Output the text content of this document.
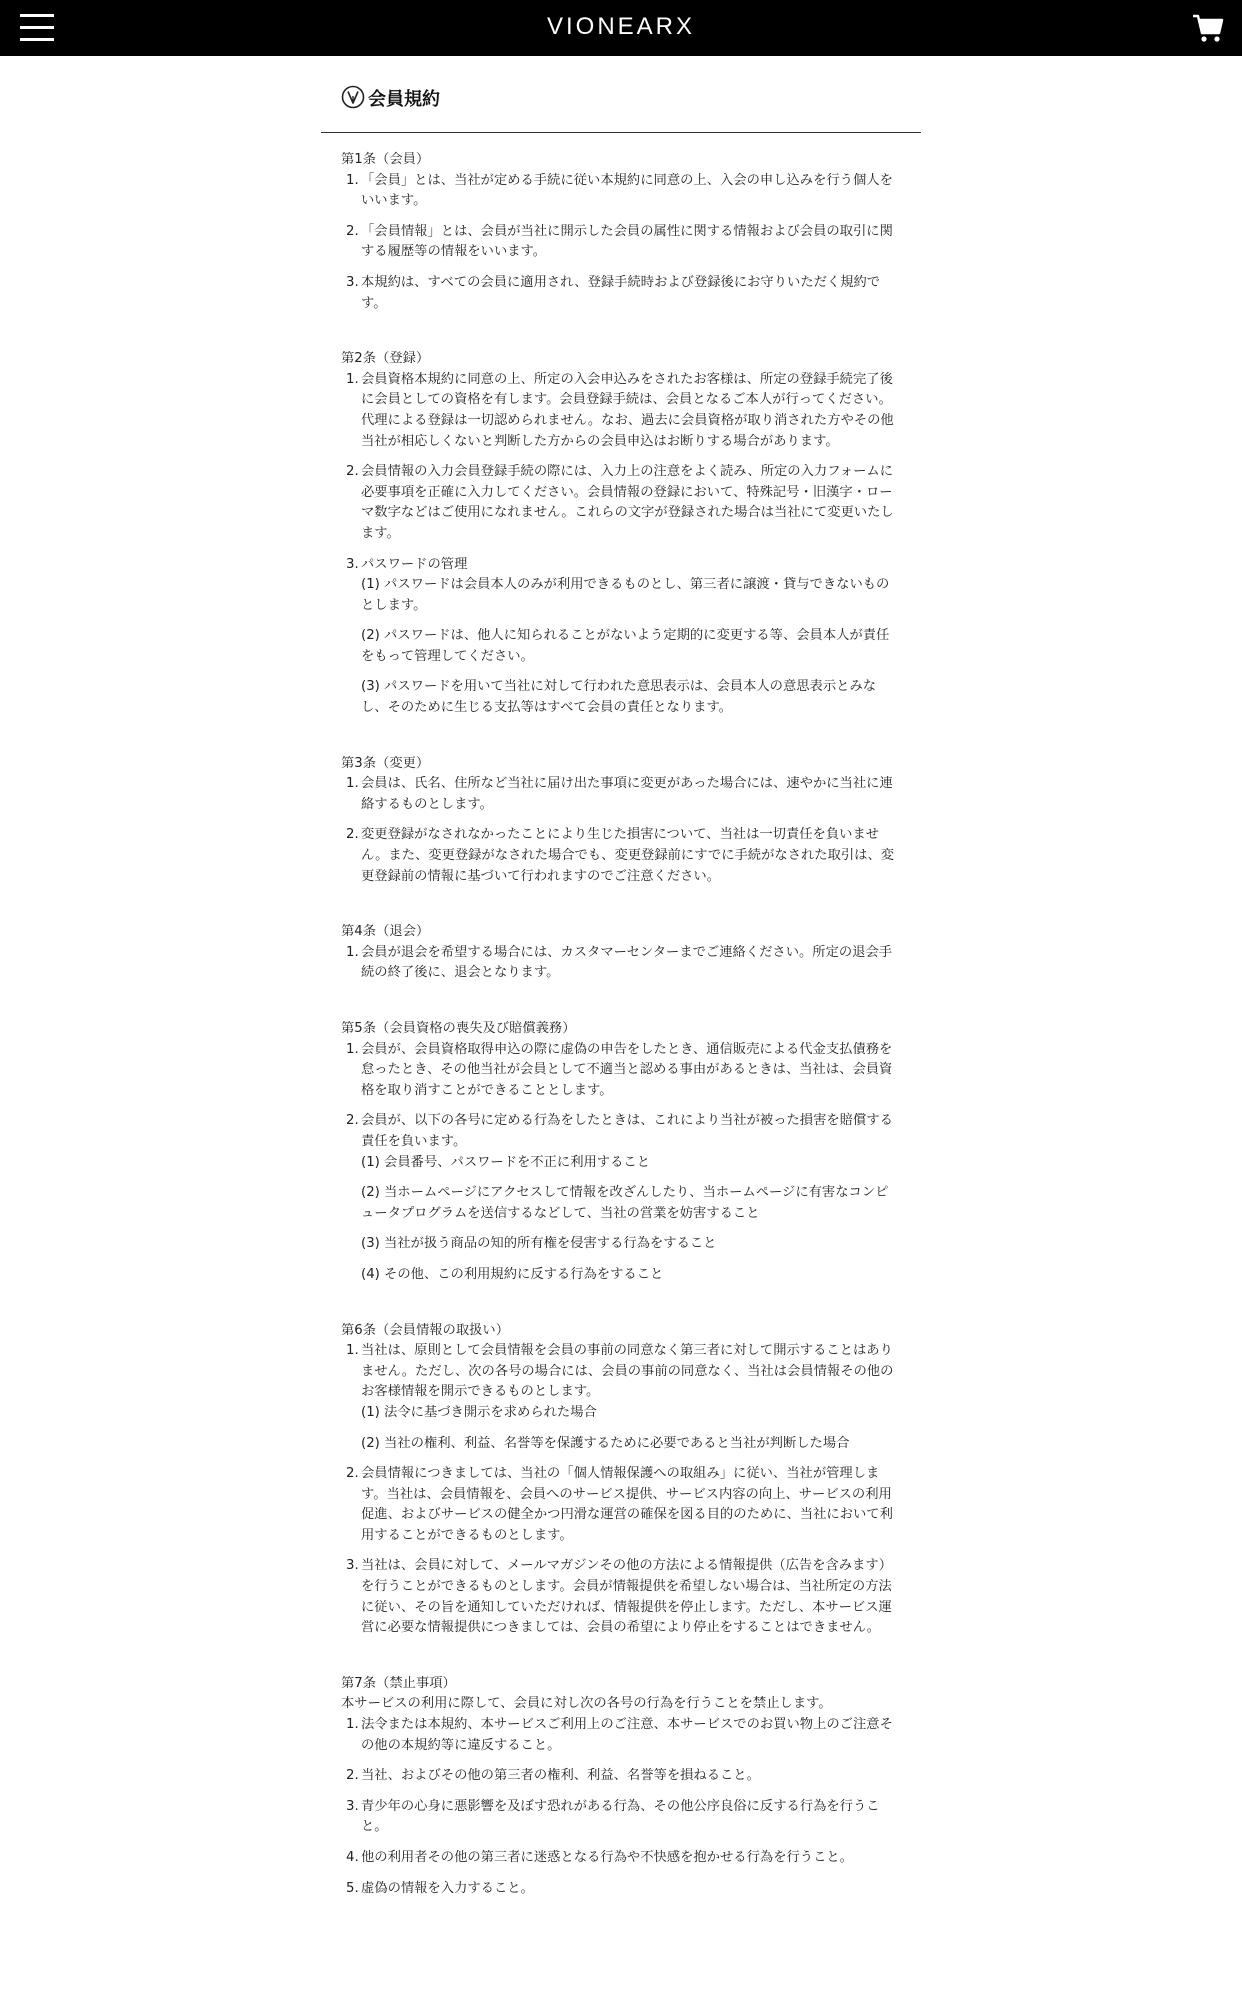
VIONEARX
会員規約
第1条（会員）
1. 「会員」とは、当社が定める手続に従い本規約に同意の上、入会の申し込みを行う個人をいいます。
2. 「会員情報」とは、会員が当社に開示した会員の属性に関する情報および会員の取引に関する履歴等の情報をいいます。
3. 本規約は、すべての会員に適用され、登録手続時および登録後にお守りいただく規約です。
第2条（登録）
1. 会員資格本規約に同意の上、所定の入会申込みをされたお客様は、所定の登録手続完了後に会員としての資格を有します。会員登録手続は、会員となるご本人が行ってください。代理による登録は一切認められません。なお、過去に会員資格が取り消された方やその他当社が相応しくないと判断した方からの会員申込はお断りする場合があります。
2. 会員情報の入力会員登録手続の際には、入力上の注意をよく読み、所定の入力フォームに必要事項を正確に入力してください。会員情報の登録において、特殊記号・旧漢字・ローマ数字などはご使用になれません。これらの文字が登録された場合は当社にて変更いたします。
3. パスワードの管理
(1) パスワードは会員本人のみが利用できるものとし、第三者に譲渡・貸与できないものとします。
(2) パスワードは、他人に知られることがないよう定期的に変更する等、会員本人が責任をもって管理してください。
(3) パスワードを用いて当社に対して行われた意思表示は、会員本人の意思表示とみなし、そのために生じる支払等はすべて会員の責任となります。
第3条（変更）
1. 会員は、氏名、住所など当社に届け出た事項に変更があった場合には、速やかに当社に連絡するものとします。
2. 変更登録がなされなかったことにより生じた損害について、当社は一切責任を負いません。また、変更登録がなされた場合でも、変更登録前にすでに手続がなされた取引は、変更登録前の情報に基づいて行われますのでご注意ください。
第4条（退会）
1. 会員が退会を希望する場合には、カスタマーセンターまでご連絡ください。所定の退会手続の終了後に、退会となります。
第5条（会員資格の喪失及び賠償義務）
1. 会員が、会員資格取得申込の際に虚偽の申告をしたとき、通信販売による代金支払債務を怠ったとき、その他当社が会員として不適当と認める事由があるときは、当社は、会員資格を取り消すことができることとします。
2. 会員が、以下の各号に定める行為をしたときは、これにより当社が被った損害を賠償する責任を負います。
(1) 会員番号、パスワードを不正に利用すること
(2) 当ホームページにアクセスして情報を改ざんしたり、当ホームページに有害なコンピュータプログラムを送信するなどして、当社の営業を妨害すること
(3) 当社が扱う商品の知的所有権を侵害する行為をすること
(4) その他、この利用規約に反する行為をすること
第6条（会員情報の取扱い）
1. 当社は、原則として会員情報を会員の事前の同意なく第三者に対して開示することはありません。ただし、次の各号の場合には、会員の事前の同意なく、当社は会員情報その他のお客様情報を開示できるものとします。
(1) 法令に基づき開示を求められた場合
(2) 当社の権利、利益、名誉等を保護するために必要であると当社が判断した場合
2. 会員情報につきましては、当社の「個人情報保護への取組み」に従い、当社が管理します。当社は、会員情報を、会員へのサービス提供、サービス内容の向上、サービスの利用促進、およびサービスの健全かつ円滑な運営の確保を図る目的のために、当社において利用することができるものとします。
3. 当社は、会員に対して、メールマガジンその他の方法による情報提供（広告を含みます）を行うことができるものとします。会員が情報提供を希望しない場合は、当社所定の方法に従い、その旨を通知していただければ、情報提供を停止します。ただし、本サービス運営に必要な情報提供につきましては、会員の希望により停止をすることはできません。
第7条（禁止事項）

本サービスの利用に際して、会員に対し次の各号の行為を行うことを禁止します。

1. 法令または本規約、本サービスご利用上のご注意、本サービスでのお買い物上のご注意その他の本規約等に違反すること。
2. 当社、およびその他の第三者の権利、利益、名誉等を損ねること。
3. 青少年の心身に悪影響を及ぼす恐れがある行為、その他公序良俗に反する行為を行うこと。
4. 他の利用者その他の第三者に迷惑となる行為や不快感を抱かせる行為を行うこと。
5. 虚偽の情報を入力すること。
